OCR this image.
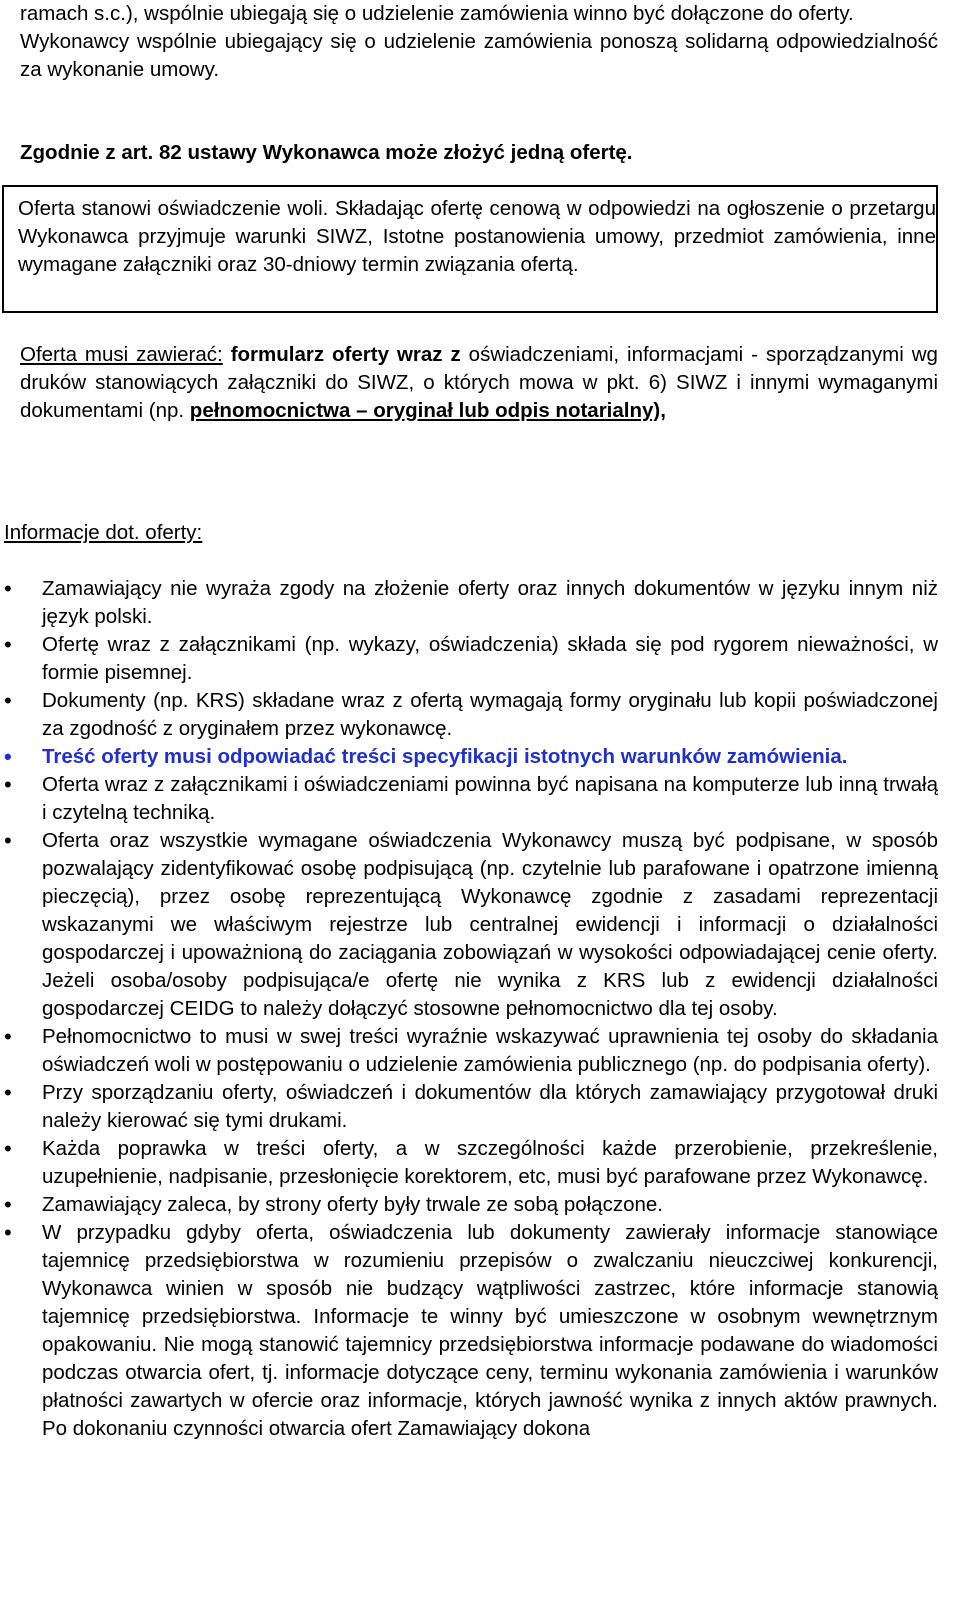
ramach s.c.), wspólnie ubiegają się o udzielenie zamówienia winno być dołączone do oferty.
Wykonawcy wspólnie ubiegający się o udzielenie zamówienia ponoszą solidarną odpowiedzialność za wykonanie umowy.
Zgodnie z art. 82 ustawy Wykonawca może złożyć jedną ofertę.
Oferta stanowi oświadczenie woli. Składając ofertę cenową w odpowiedzi na ogłoszenie o przetargu Wykonawca przyjmuje warunki SIWZ, Istotne postanowienia umowy, przedmiot zamówienia, inne wymagane załączniki oraz 30-dniowy termin związania ofertą.
Oferta musi zawierać: formularz oferty wraz z oświadczeniami, informacjami - sporządzanymi wg druków stanowiących załączniki do SIWZ, o których mowa w pkt. 6) SIWZ i innymi wymaganymi dokumentami (np. pełnomocnictwa – oryginał lub odpis notarialny),
Informacje dot. oferty:
• Zamawiający nie wyraża zgody na złożenie oferty oraz innych dokumentów w języku innym niż język polski.
• Ofertę wraz z załącznikami (np. wykazy, oświadczenia) składa się pod rygorem nieważności, w formie pisemnej.
• Dokumenty (np. KRS) składane wraz z ofertą wymagają formy oryginału lub kopii poświadczonej za zgodność z oryginałem przez wykonawcę.
• Treść oferty musi odpowiadać treści specyfikacji istotnych warunków zamówienia.
• Oferta wraz z załącznikami i oświadczeniami powinna być napisana na komputerze lub inną trwałą i czytelną techniką.
• Oferta oraz wszystkie wymagane oświadczenia Wykonawcy muszą być podpisane, w sposób pozwalający zidentyfikować osobę podpisującą (np. czytelnie lub parafowane i opatrzone imienną pieczęcią), przez osobę reprezentującą Wykonawcę zgodnie z zasadami reprezentacji wskazanymi we właściwym rejestrze lub centralnej ewidencji i informacji o działalności gospodarczej i upoważnioną do zaciągania zobowiązań w wysokości odpowiadającej cenie oferty. Jeżeli osoba/osoby podpisująca/e ofertę nie wynika z KRS lub z ewidencji działalności gospodarczej CEIDG to należy dołączyć stosowne pełnomocnictwo dla tej osoby.
• Pełnomocnictwo to musi w swej treści wyraźnie wskazywać uprawnienia tej osoby do składania oświadczeń woli w postępowaniu o udzielenie zamówienia publicznego (np. do podpisania oferty).
• Przy sporządzaniu oferty, oświadczeń i dokumentów dla których zamawiający przygotował druki należy kierować się tymi drukami.
• Każda poprawka w treści oferty, a w szczególności każde przerobienie, przekreślenie, uzupełnienie, nadpisanie, przesłonięcie korektorem, etc, musi być parafowane przez Wykonawcę.
• Zamawiający zaleca, by strony oferty były trwale ze sobą połączone.
• W przypadku gdyby oferta, oświadczenia lub dokumenty zawierały informacje stanowiące tajemnicę przedsiębiorstwa w rozumieniu przepisów o zwalczaniu nieuczciwej konkurencji, Wykonawca winien w sposób nie budzący wątpliwości zastrzec, które informacje stanowią tajemnicę przedsiębiorstwa. Informacje te winny być umieszczone w osobnym wewnętrznym opakowaniu. Nie mogą stanowić tajemnicy przedsiębiorstwa informacje podawane do wiadomości podczas otwarcia ofert, tj. informacje dotyczące ceny, terminu wykonania zamówienia i warunków płatności zawartych w ofercie oraz informacje, których jawność wynika z innych aktów prawnych. Po dokonaniu czynności otwarcia ofert Zamawiający dokona
